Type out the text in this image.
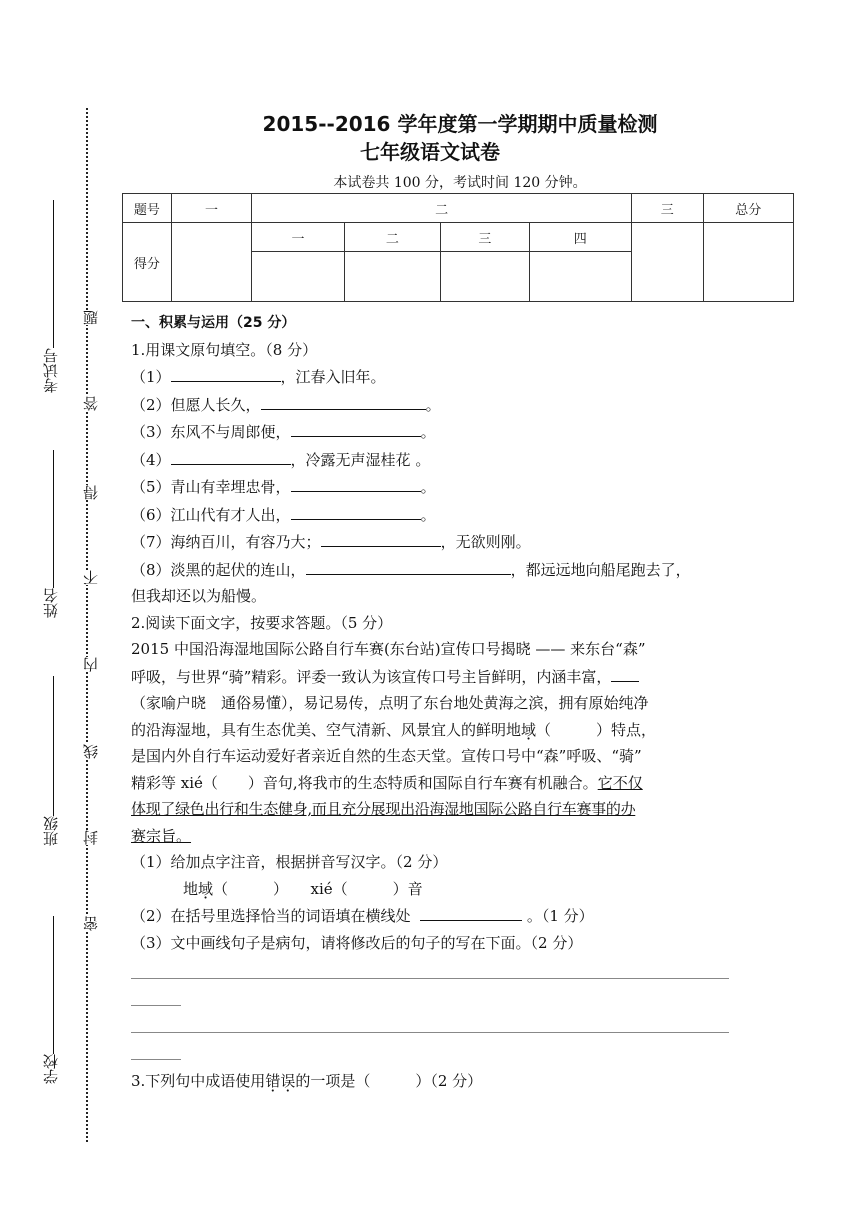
考试号
姓名
班级
学校
题
答
得
不
内
线
封
密
2015--2016 学年度第一学期期中质量检测
七年级语文试卷
本试卷共 100 分，考试时间 120 分钟。
题号	一	二				三	总分
得分		一	二	三	四		

一、积累与运用（25 分）
1.用课文原句填空。（8 分）
（1）	，江春入旧年。
（2）但愿人长久，	。
（3）东风不与周郎便，	。
（4）	，冷露无声湿桂花 。
（5）青山有幸埋忠骨，	。
（6）江山代有才人出，	。
（7）海纳百川，有容乃大；	，无欲则刚。
（8）淡黑的起伏的连山，	，都远远地向船尾跑去了，
但我却还以为船慢。
2.阅读下面文字，按要求答题。（5 分）
2015 中国沿海湿地国际公路自行车赛(东台站)宣传口号揭晓 —— 来东台“森”
呼吸，与世界“骑”精彩。评委一致认为该宣传口号主旨鲜明，内涵丰富，
（家喻户晓　通俗易懂），易记易传，点明了东台地处黄海之滨，拥有原始纯净
的沿海湿地，具有生态优美、空气清新、风景宜人的鲜明地域（　　　）特点，
是国内外自行车运动爱好者亲近自然的生态天堂。宣传口号中“森”呼吸、“骑”
精彩等 xié（　　）音句,将我市的生态特质和国际自行车赛有机融合。它不仅
体现了绿色出行和生态健身,而且充分展现出沿海湿地国际公路自行车赛事的办
赛宗旨。
（1）给加点字注音，根据拼音写汉字。（2 分）
地域（　　　）　　xié（　　　）音
（2）在括号里选择恰当的词语填在横线处	。（1 分）
（3）文中画线句子是病句，请将修改后的句子的写在下面。（2 分）
3.下列句中成语使用错误的一项是（　　　）（2 分）
